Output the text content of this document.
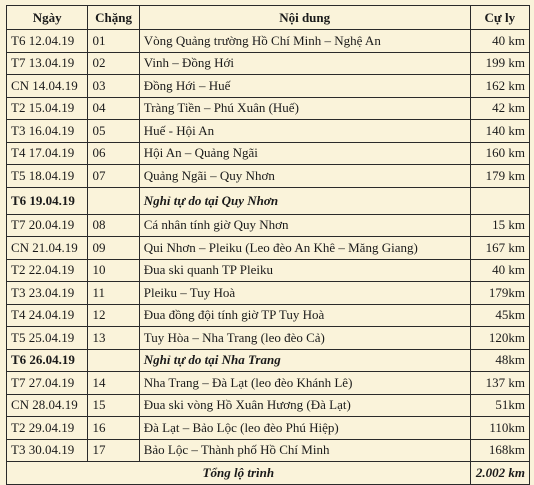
Ngày	Chặng	Nội dung	Cự ly
T6 12.04.19	01	Vòng Quảng trường Hồ Chí Minh – Nghệ An	40 km
T7 13.04.19	02	Vinh – Đồng Hới	199 km
CN 14.04.19	03	Đồng Hới – Huế	162 km
T2 15.04.19	04	Tràng Tiền – Phú Xuân (Huế)	42 km
T3 16.04.19	05	Huế - Hội An	140 km
T4 17.04.19	06	Hội An – Quảng Ngãi	160 km
T5 18.04.19	07	Quảng Ngãi – Quy Nhơn	179 km
T6 19.04.19		Nghỉ tự do tại Quy Nhơn	
T7 20.04.19	08	Cá nhân tính giờ Quy Nhơn	15 km
CN 21.04.19	09	Qui Nhơn – Pleiku (Leo đèo An Khê – Măng Giang)	167 km
T2 22.04.19	10	Đua ski quanh TP Pleiku	40 km
T3 23.04.19	11	Pleiku – Tuy Hoà	179km
T4 24.04.19	12	Đua đồng đội tính giờ TP Tuy Hoà	45km
T5 25.04.19	13	Tuy Hòa – Nha Trang (leo đèo Cả)	120km
T6 26.04.19		Nghỉ tự do tại Nha Trang	48km
T7 27.04.19	14	Nha Trang – Đà Lạt (leo đèo Khánh Lê)	137 km
CN 28.04.19	15	Đua ski vòng Hồ Xuân Hương (Đà Lạt)	51km
T2 29.04.19	16	Đà Lạt – Bảo Lộc (leo đèo Phú Hiệp)	110km
T3 30.04.19	17	Bảo Lộc – Thành phố Hồ Chí Minh	168km
Tổng lộ trình			2.002 km
